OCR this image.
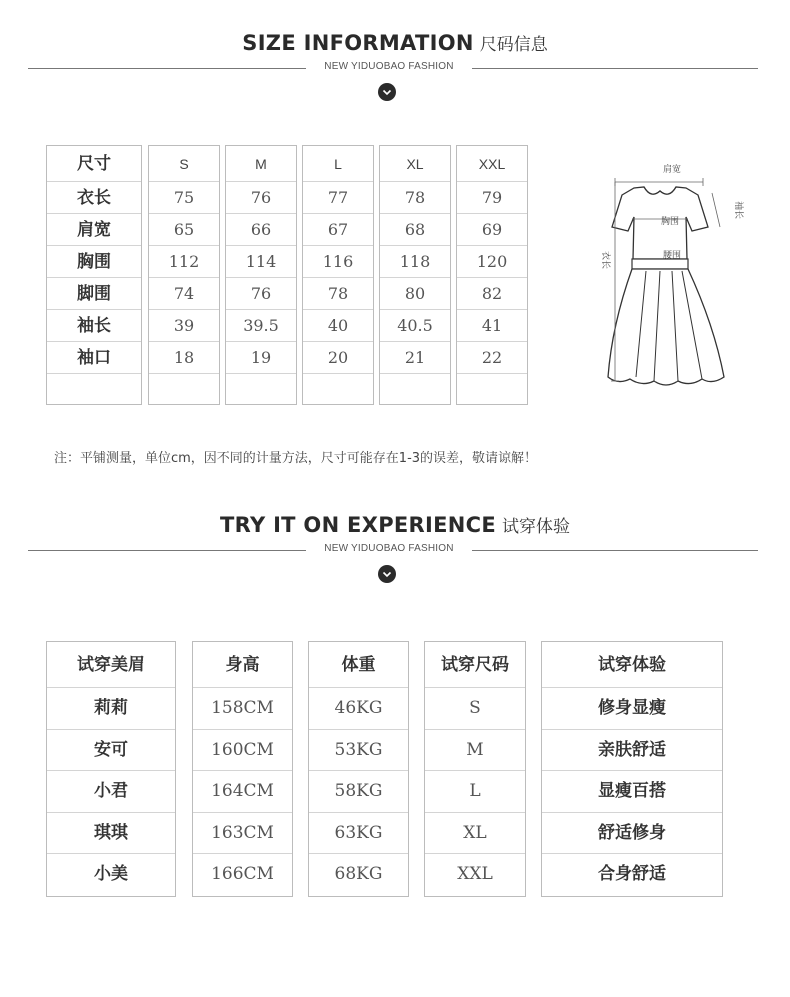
SIZE INFORMATION 尺码信息
NEW YIDUOBAO FASHION
尺寸
衣长
肩宽
胸围
脚围
袖长
袖口
S
75
65
112
74
39
18
M
76
66
114
76
39.5
19
L
77
67
116
78
40
20
XL
78
68
118
80
40.5
21
XXL
79
69
120
82
41
22
肩宽
袖长
胸围
腰围
衣长
注：平铺测量，单位cm，因不同的计量方法，尺寸可能存在1-3的误差，敬请谅解！
TRY IT ON EXPERIENCE 试穿体验
NEW YIDUOBAO FASHION
试穿美眉
莉莉
安可
小君
琪琪
小美
身高
158CM
160CM
164CM
163CM
166CM
体重
46KG
53KG
58KG
63KG
68KG
试穿尺码
S
M
L
XL
XXL
试穿体验
修身显瘦
亲肤舒适
显瘦百搭
舒适修身
合身舒适
